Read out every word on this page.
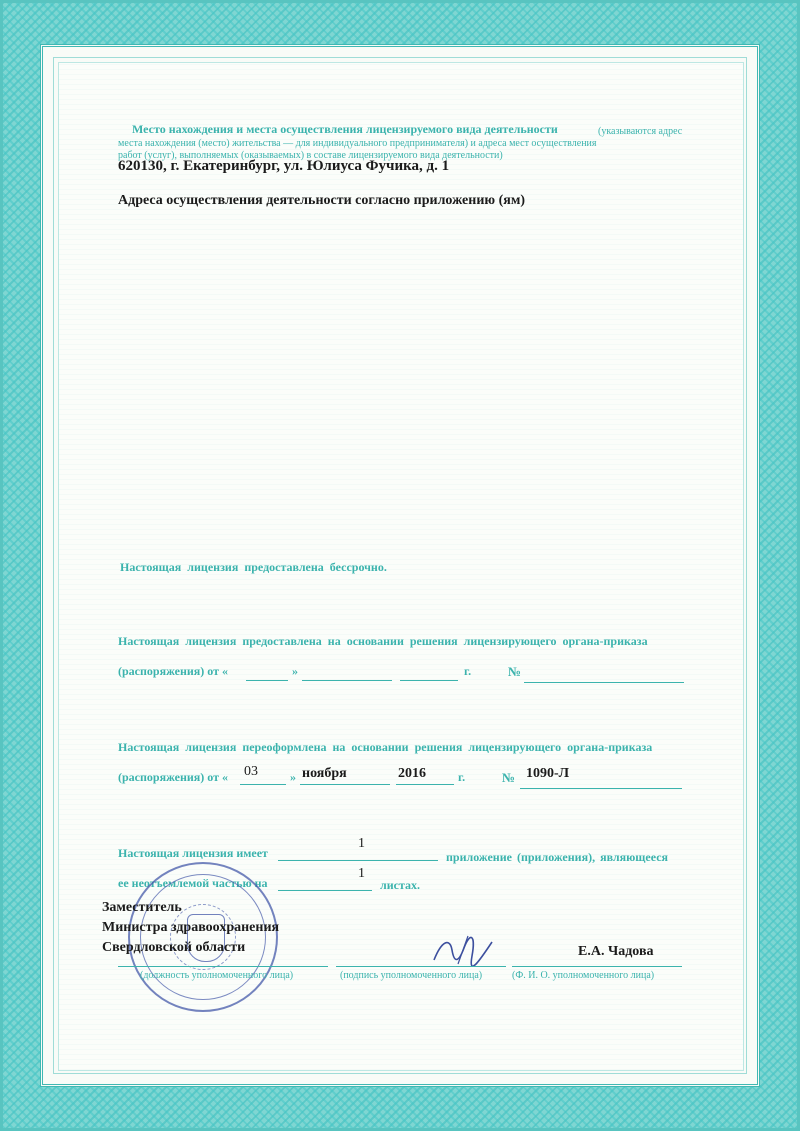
Место нахождения и места осуществления лицензируемого вида деятельности	(указываются адрес
места нахождения (место) жительства — для индивидуального предпринимателя) и адреса мест осуществления
работ (услуг), выполняемых (оказываемых) в составе лицензируемого вида деятельности)
620130, г. Екатеринбург, ул. Юлиуса Фучика, д. 1
Адреса осуществления деятельности согласно приложению (ям)
Настоящая лицензия предоставлена бессрочно.
Настоящая лицензия предоставлена на основании решения лицензирующего органа-приказа
(распоряжения) от «	»	г.	№
Настоящая лицензия переоформлена на основании решения лицензирующего органа-приказа
(распоряжения) от « 03	» ноября	2016	г.	№ 1090-Л
Настоящая лицензия имеет
1
приложение (приложения), являющееся
ее неотъемлемой частью на
1
листах.
Заместитель
Министра здравоохранения
Свердловской области	Е.А. Чадова
(должность уполномоченного лица)	(подпись уполномоченного лица)	(Ф. И. О. уполномоченного лица)
